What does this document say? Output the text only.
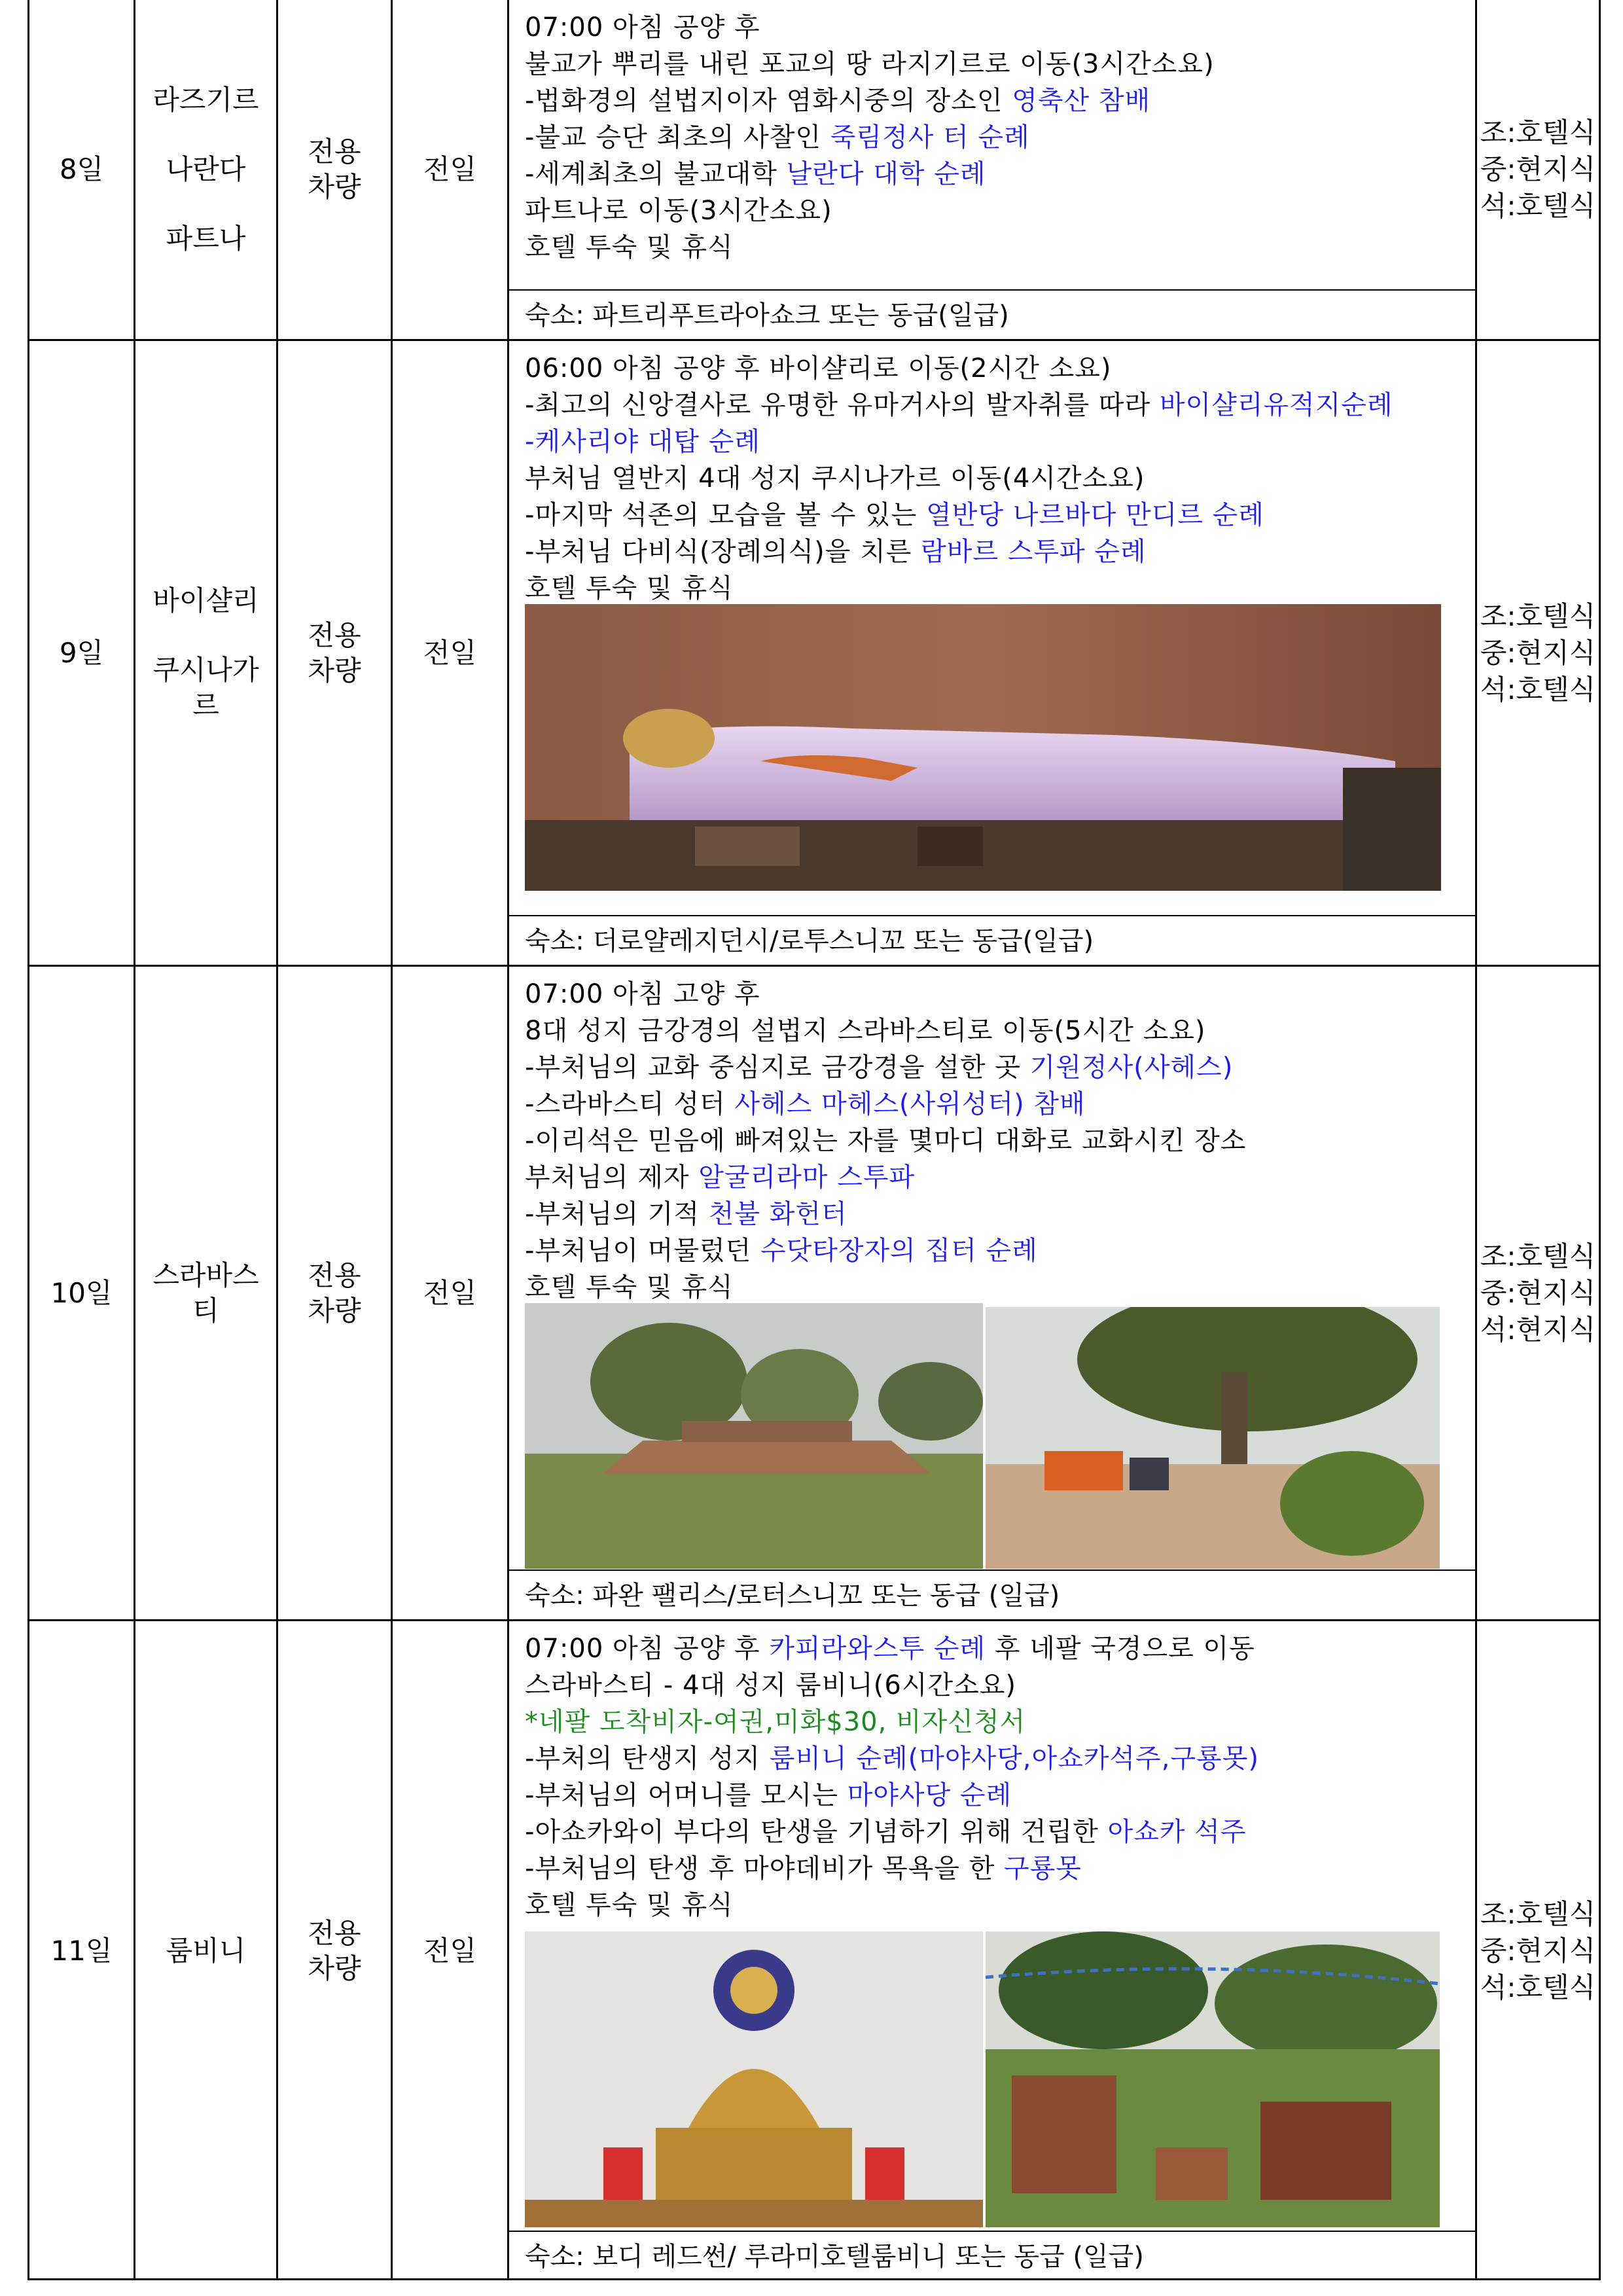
8일
라즈기르
나란다
파트나
전용
차량
전일
07:00 아침 공양 후
불교가 뿌리를 내린 포교의 땅 라지기르로 이동(3시간소요)
-법화경의 설법지이자 염화시중의 장소인 영축산 참배
-불교 승단 최초의 사찰인 죽림정사 터 순례
-세계최초의 불교대학 날란다 대학 순례
파트나로 이동(3시간소요)
호텔 투숙 및 휴식
숙소: 파트리푸트라아쇼크 또는 동급(일급)
조:호텔식
중:현지식
석:호텔식
9일
바이샬리
쿠시나가
르
전용
차량
전일
06:00 아침 공양 후 바이샬리로 이동(2시간 소요)
-최고의 신앙결사로 유명한 유마거사의 발자취를 따라 바이샬리유적지순례
-케사리야 대탑 순례
부처님 열반지 4대 성지 쿠시나가르 이동(4시간소요)
-마지막 석존의 모습을 볼 수 있는 열반당 나르바다 만디르 순례
-부처님 다비식(장례의식)을 치른 람바르 스투파 순례
호텔 투숙 및 휴식
숙소: 더로얄레지던시/로투스니꼬 또는 동급(일급)
조:호텔식
중:현지식
석:호텔식
10일
스라바스
티
전용
차량
전일
07:00 아침 고양 후
8대 성지 금강경의 설법지 스라바스티로 이동(5시간 소요)
-부처님의 교화 중심지로 금강경을 설한 곳 기원정사(사헤스)
-스라바스티 성터 사헤스 마헤스(사위성터) 참배
-이리석은 믿음에 빠져있는 자를 몇마디 대화로 교화시킨 장소
부처님의 제자 알굴리라마 스투파
-부처님의 기적 천불 화헌터
-부처님이 머물렀던 수닷타장자의 집터 순례
호텔 투숙 및 휴식
숙소: 파완 팰리스/로터스니꼬 또는 동급 (일급)
조:호텔식
중:현지식
석:현지식
11일 룸비니
전용
차량
전일
07:00 아침 공양 후 카피라와스투 순례 후 네팔 국경으로 이동
스라바스티 - 4대 성지 룸비니(6시간소요)
*네팔 도착비자-여권,미화$30, 비자신청서
-부처의 탄생지 성지 룸비니 순례(마야사당,아쇼카석주,구룡못)
-부처님의 어머니를 모시는 마야사당 순례
-아쇼카와이 부다의 탄생을 기념하기 위해 건립한 아쇼카 석주
-부처님의 탄생 후 마야데비가 목욕을 한 구룡못
호텔 투숙 및 휴식
숙소: 보디 레드썬/ 루라미호텔룸비니 또는 동급 (일급)
조:호텔식
중:현지식
석:호텔식
